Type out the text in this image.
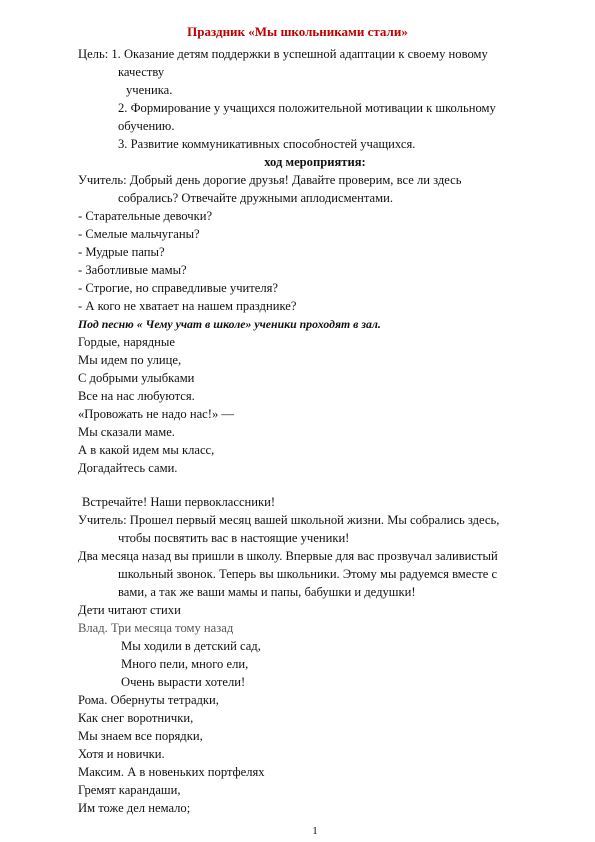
Праздник «Мы школьниками стали»
Цель: 1. Оказание детям поддержки в успешной адаптации к своему новому
качеству
ученика.
2. Формирование у учащихся положительной мотивации к школьному
обучению.
3. Развитие коммуникативных способностей учащихся.
ход мероприятия:
Учитель: Добрый день дорогие друзья! Давайте проверим, все ли здесь
собрались? Отвечайте дружными аплодисментами.
- Старательные девочки?
- Смелые мальчуганы?
- Мудрые папы?
- Заботливые мамы?
- Строгие, но справедливые учителя?
- А кого не хватает на нашем празднике?
Под песню « Чему учат в школе» ученики проходят в зал.
Гордые, нарядные
Мы идем по улице,
С добрыми улыбками
Все на нас любуются.
«Провожать не надо нас!» —
Мы сказали маме.
А в какой идем мы класс,
Догадайтесь сами.
Встречайте! Наши первоклассники!
Учитель: Прошел первый месяц вашей школьной жизни. Мы собрались здесь,
чтобы посвятить вас в настоящие ученики!
Два месяца назад вы пришли в школу. Впервые для вас прозвучал заливистый
школьный звонок. Теперь вы школьники. Этому мы радуемся вместе с
вами, а так же ваши мамы и папы, бабушки и дедушки!
Дети читают стихи
Влад. Три месяца тому назад
Мы ходили в детский сад,
Много пели, много ели,
Очень вырасти хотели!
Рома. Обернуты тетрадки,
Как снег воротнички,
Мы знаем все порядки,
Хотя и новички.
Максим. А в новеньких портфелях
Гремят карандаши,
Им тоже дел немало;
1
